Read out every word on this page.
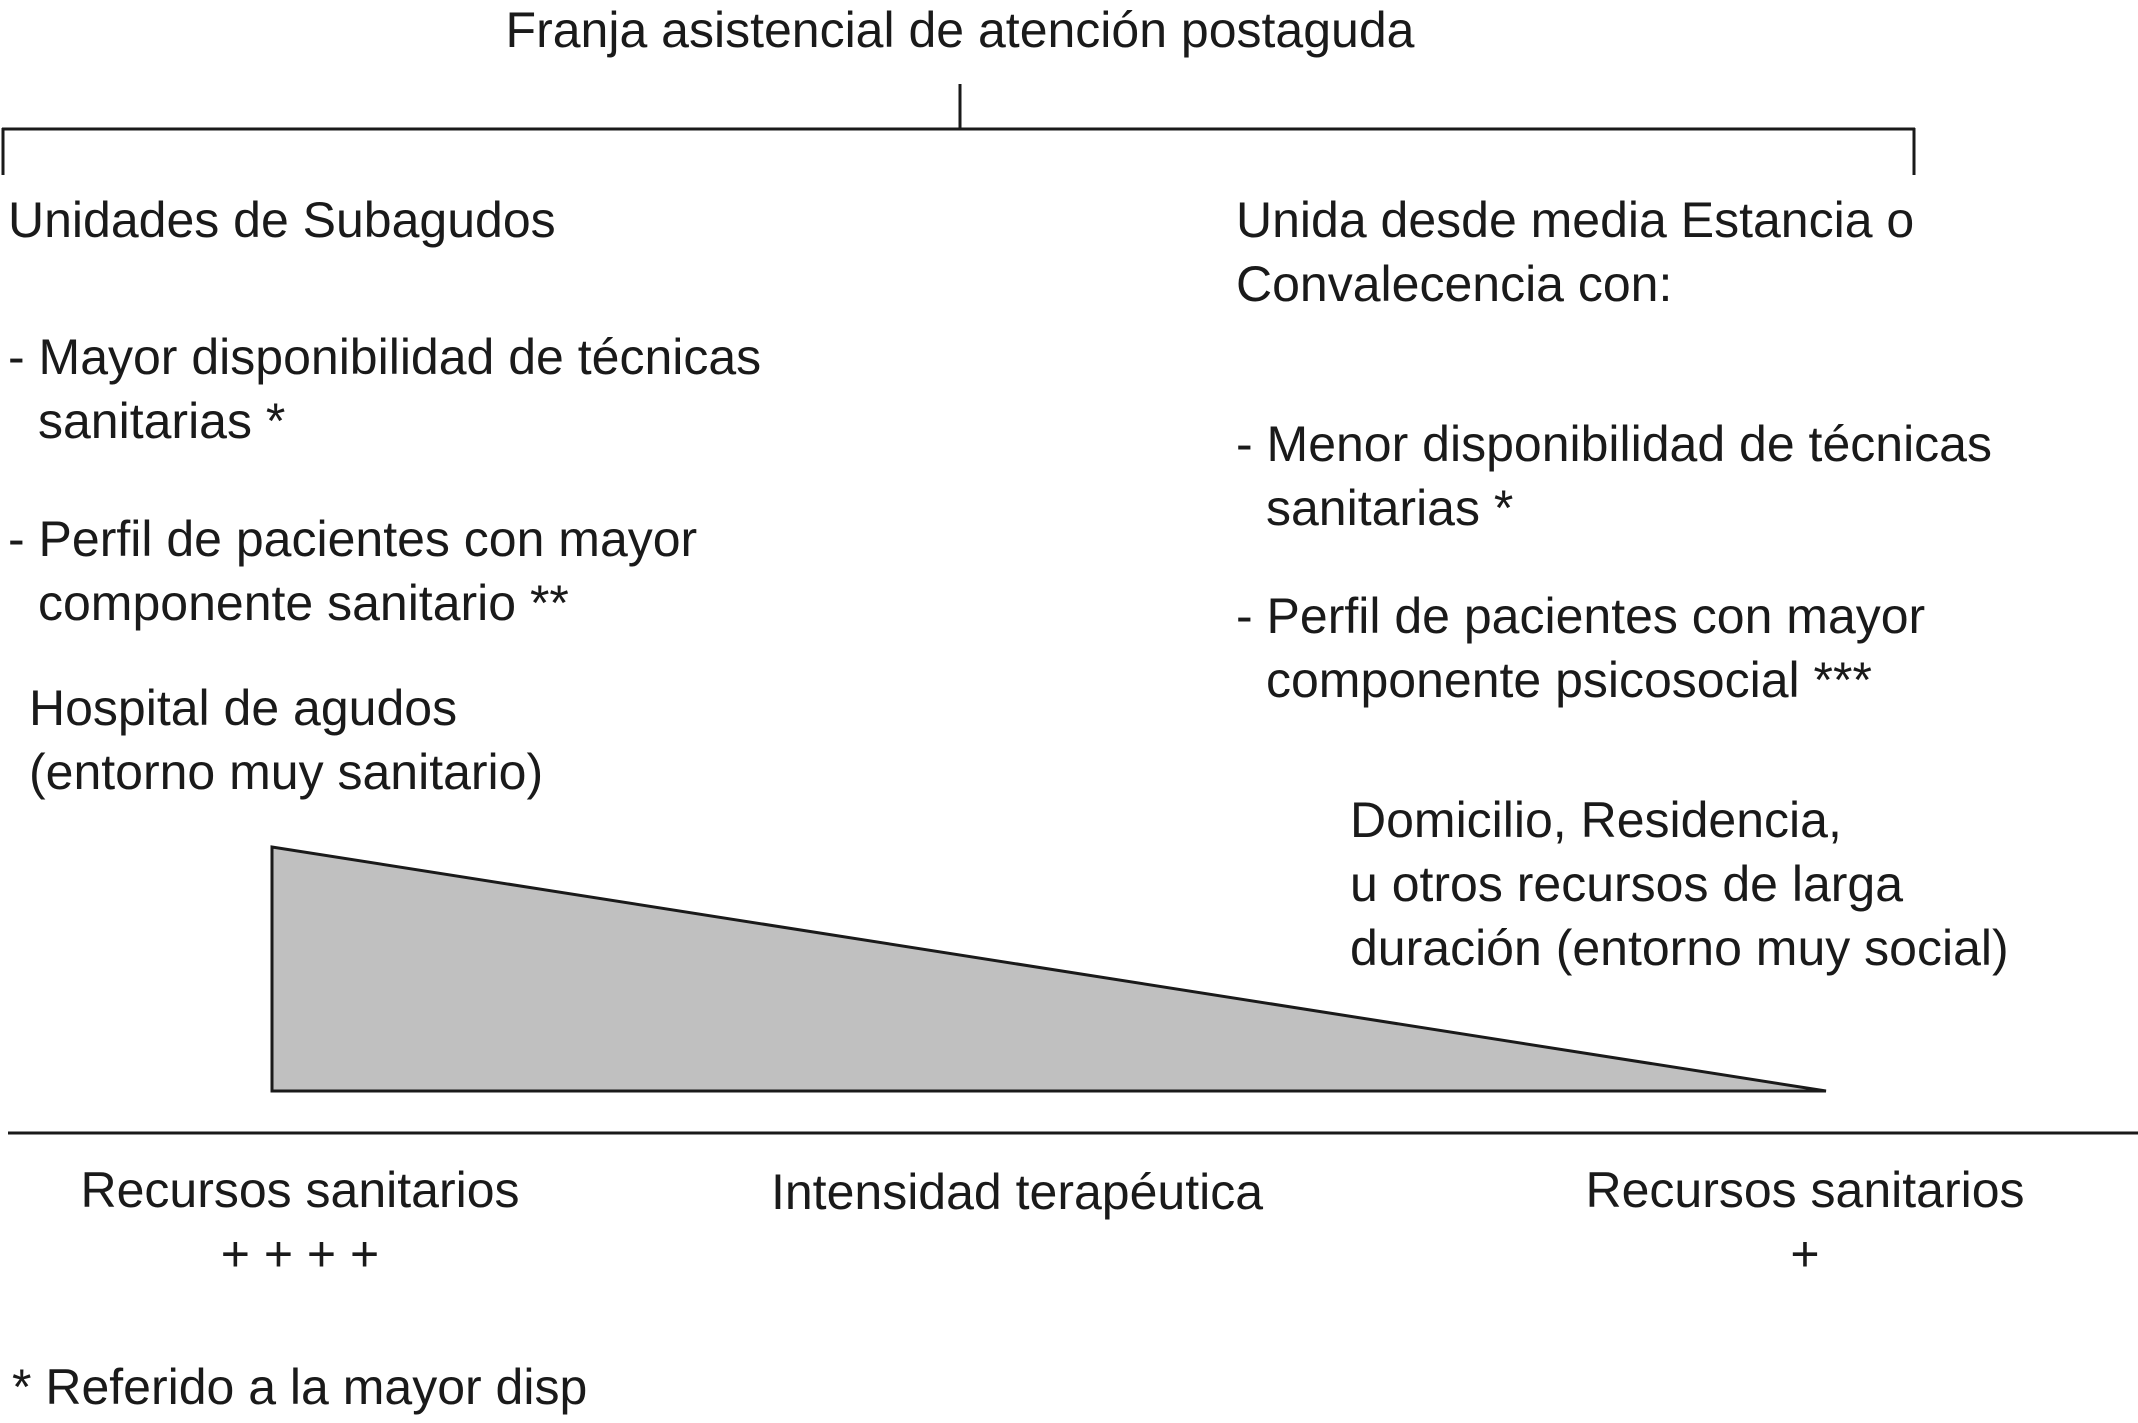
Franja asistencial de atención postaguda
Unidades de Subagudos
- Mayor disponibilidad de técnicas
sanitarias *
- Perfil de pacientes con mayor
componente sanitario **
Hospital de agudos
(entorno muy sanitario)
Unida desde media Estancia o
Convalecencia con:
- Menor disponibilidad de técnicas
sanitarias *
- Perfil de pacientes con mayor
componente psicosocial ***
Domicilio, Residencia,
u otros recursos de larga
duración (entorno muy social)
Recursos sanitarios
+ + + +
Intensidad terapéutica	Recursos sanitarios
+
* Referido a la mayor disp
